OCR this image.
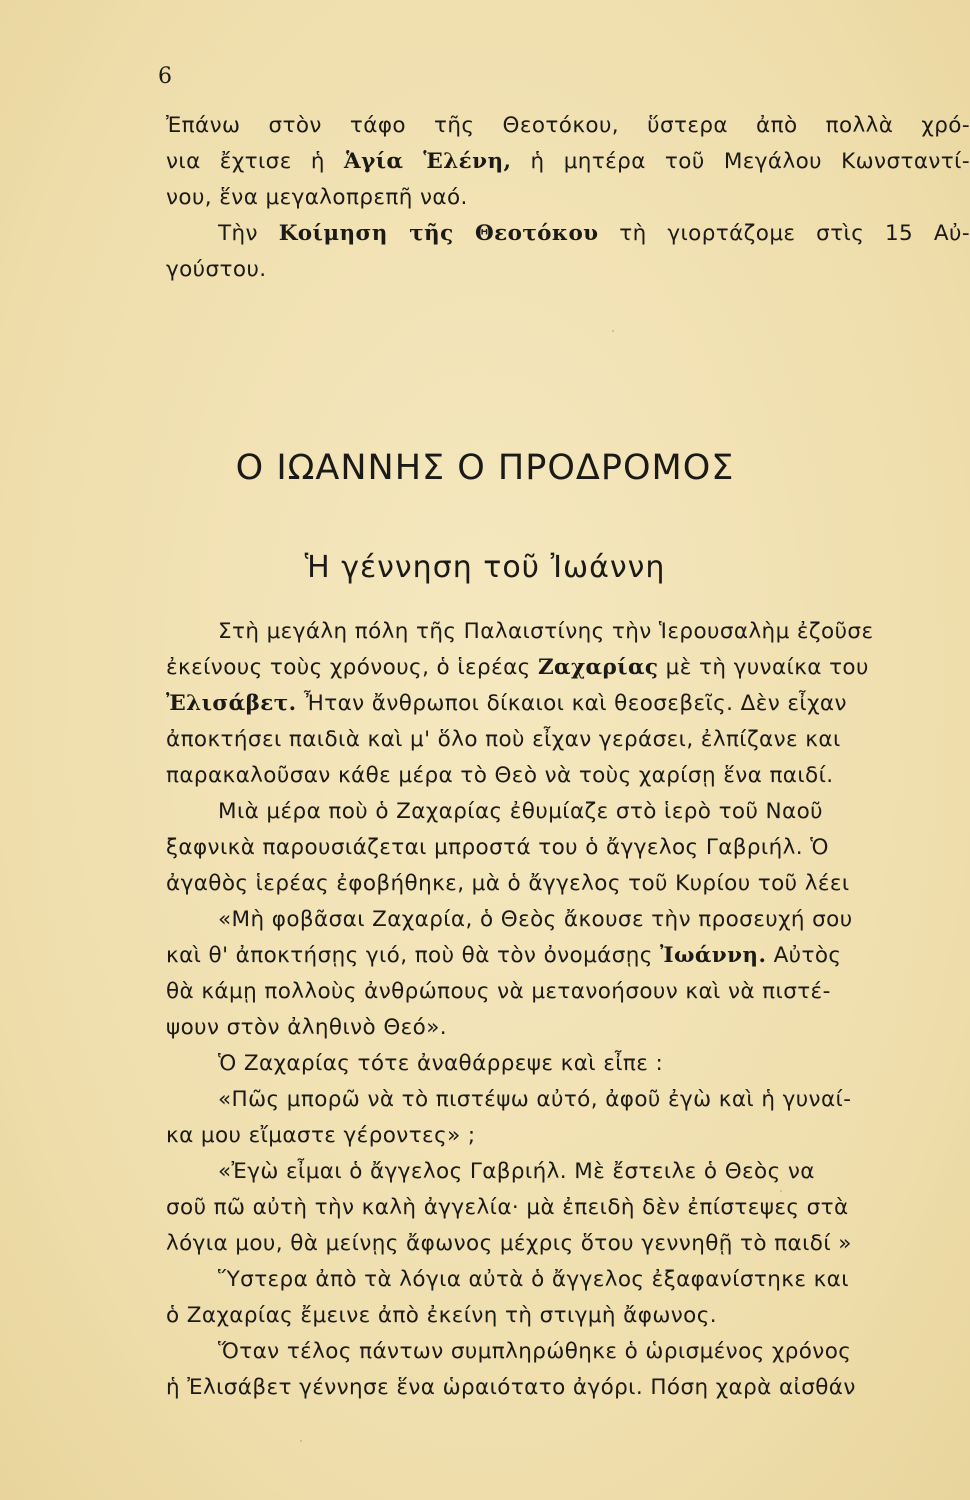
6
Ἐπάνω στὸν τάφο τῆς Θεοτόκου, ὕστερα ἀπὸ πολλὰ χρό-
νια ἔχτισε ἡ Ἁγία Ἑλένη, ἡ μητέρα τοῦ Μεγάλου Κωνσταντί-
νου, ἕνα μεγαλοπρεπῆ ναό.
Τὴν Κοίμηση τῆς Θεοτόκου τὴ γιορτάζομε στὶς 15 Αὐ-
γούστου.
Ο ΙΩΑΝΝΗΣ Ο ΠΡΟΔΡΟΜΟΣ
Ἡ γέννηση τοῦ Ἰωάννη
Στὴ μεγάλη πόλη τῆς Παλαιστίνης τὴν Ἱερουσαλὴμ ἐζοῦσε
ἐκείνους τοὺς χρόνους, ὁ ἱερέας Ζαχαρίας μὲ τὴ γυναίκα του
Ἐλισάβετ. Ἦταν ἄνθρωποι δίκαιοι καὶ θεοσεβεῖς. Δὲν εἶχαν
ἀποκτήσει παιδιὰ καὶ μ' ὅλο ποὺ εἶχαν γεράσει, ἐλπίζανε και
παρακαλοῦσαν κάθε μέρα τὸ Θεὸ νὰ τοὺς χαρίσῃ ἕνα παιδί.
Μιὰ μέρα ποὺ ὁ Ζαχαρίας ἐθυμίαζε στὸ ἱερὸ τοῦ Ναοῦ
ξαφνικὰ παρουσιάζεται μπροστά του ὁ ἄγγελος Γαβριήλ. Ὁ
ἀγαθὸς ἱερέας ἐφοβήθηκε, μὰ ὁ ἄγγελος τοῦ Κυρίου τοῦ λέει
«Μὴ φοβᾶσαι Ζαχαρία, ὁ Θεὸς ἄκουσε τὴν προσευχή σου
καὶ θ' ἀποκτήσῃς γιό, ποὺ θὰ τὸν ὀνομάσῃς Ἰωάννη. Αὐτὸς
θὰ κάμῃ πολλοὺς ἀνθρώπους νὰ μετανοήσουν καὶ νὰ πιστέ-
ψουν στὸν ἀληθινὸ Θεό».
Ὁ Ζαχαρίας τότε ἀναθάρρεψε καὶ εἶπε :
«Πῶς μπορῶ νὰ τὸ πιστέψω αὐτό, ἀφοῦ ἐγὼ καὶ ἡ γυναί-
κα μου εἴμαστε γέροντες» ;
«Ἐγὼ εἶμαι ὁ ἄγγελος Γαβριήλ. Μὲ ἔστειλε ὁ Θεὸς να
σοῦ πῶ αὐτὴ τὴν καλὴ ἀγγελία· μὰ ἐπειδὴ δὲν ἐπίστεψες στὰ
λόγια μου, θὰ μείνῃς ἄφωνος μέχρις ὅτου γεννηθῇ τὸ παιδί »
Ὕστερα ἀπὸ τὰ λόγια αὐτὰ ὁ ἄγγελος ἐξαφανίστηκε και
ὁ Ζαχαρίας ἔμεινε ἀπὸ ἐκείνη τὴ στιγμὴ ἄφωνος.
Ὅταν τέλος πάντων συμπληρώθηκε ὁ ὡρισμένος χρόνος
ἡ Ἐλισάβετ γέννησε ἕνα ὡραιότατο ἀγόρι. Πόση χαρὰ αἰσθάν
